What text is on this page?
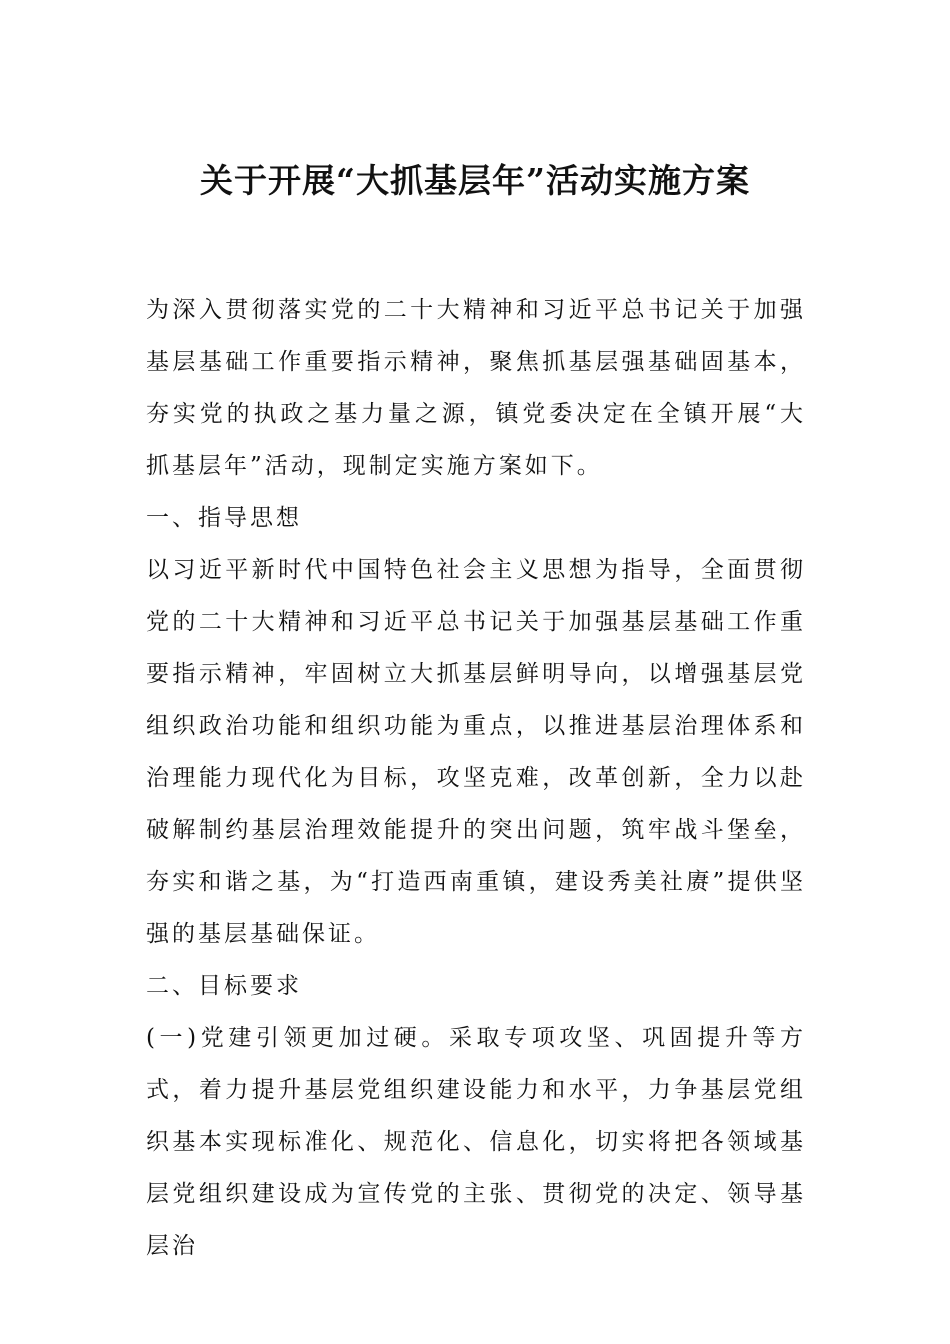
关于开展“大抓基层年”活动实施方案

为深入贯彻落实党的二十大精神和习近平总书记关于加强基层基础工作重要指示精神，聚焦抓基层强基础固基本，夯实党的执政之基力量之源，镇党委决定在全镇开展“大抓基层年”活动，现制定实施方案如下。

一、指导思想

以习近平新时代中国特色社会主义思想为指导，全面贯彻党的二十大精神和习近平总书记关于加强基层基础工作重要指示精神，牢固树立大抓基层鲜明导向，以增强基层党组织政治功能和组织功能为重点，以推进基层治理体系和治理能力现代化为目标，攻坚克难，改革创新，全力以赴破解制约基层治理效能提升的突出问题，筑牢战斗堡垒，夯实和谐之基，为“打造西南重镇，建设秀美社赓”提供坚强的基层基础保证。

二、目标要求

(一)党建引领更加过硬。采取专项攻坚、巩固提升等方式，着力提升基层党组织建设能力和水平，力争基层党组织基本实现标准化、规范化、信息化，切实将把各领域基层党组织建设成为宣传党的主张、贯彻党的决定、领导基层治
